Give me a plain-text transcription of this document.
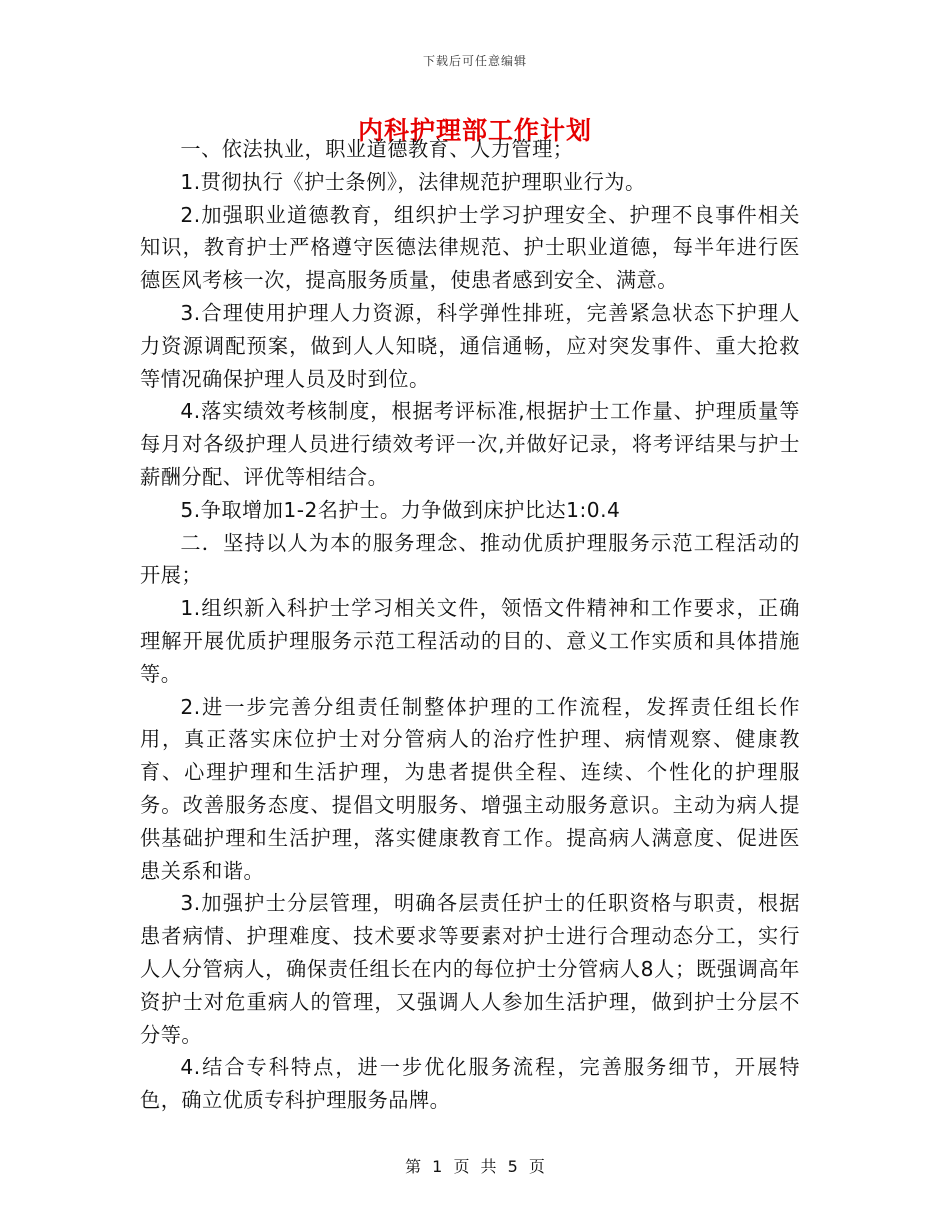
下载后可任意编辑
内科护理部工作计划

一、依法执业，职业道德教育、人力管理；

1.贯彻执行《护士条例》，法律规范护理职业行为。

2.加强职业道德教育，组织护士学习护理安全、护理不良事件相关知识，教育护士严格遵守医德法律规范、护士职业道德，每半年进行医德医风考核一次，提高服务质量，使患者感到安全、满意。

3.合理使用护理人力资源，科学弹性排班，完善紧急状态下护理人力资源调配预案，做到人人知晓，通信通畅，应对突发事件、重大抢救等情况确保护理人员及时到位。

4.落实绩效考核制度，根据考评标准,根据护士工作量、护理质量等每月对各级护理人员进行绩效考评一次,并做好记录，将考评结果与护士薪酬分配、评优等相结合。

5.争取增加1-2名护士。力争做到床护比达1:0.4

二．坚持以人为本的服务理念、推动优质护理服务示范工程活动的开展；

1.组织新入科护士学习相关文件，领悟文件精神和工作要求，正确理解开展优质护理服务示范工程活动的目的、意义工作实质和具体措施等。

2.进一步完善分组责任制整体护理的工作流程，发挥责任组长作用，真正落实床位护士对分管病人的治疗性护理、病情观察、健康教育、心理护理和生活护理，为患者提供全程、连续、个性化的护理服务。改善服务态度、提倡文明服务、增强主动服务意识。主动为病人提供基础护理和生活护理，落实健康教育工作。提高病人满意度、促进医患关系和谐。

3.加强护士分层管理，明确各层责任护士的任职资格与职责，根据患者病情、护理难度、技术要求等要素对护士进行合理动态分工，实行人人分管病人，确保责任组长在内的每位护士分管病人8人；既强调高年资护士对危重病人的管理，又强调人人参加生活护理，做到护士分层不分等。

4.结合专科特点，进一步优化服务流程，完善服务细节，开展特色，确立优质专科护理服务品牌。

第 1 页 共 5 页
